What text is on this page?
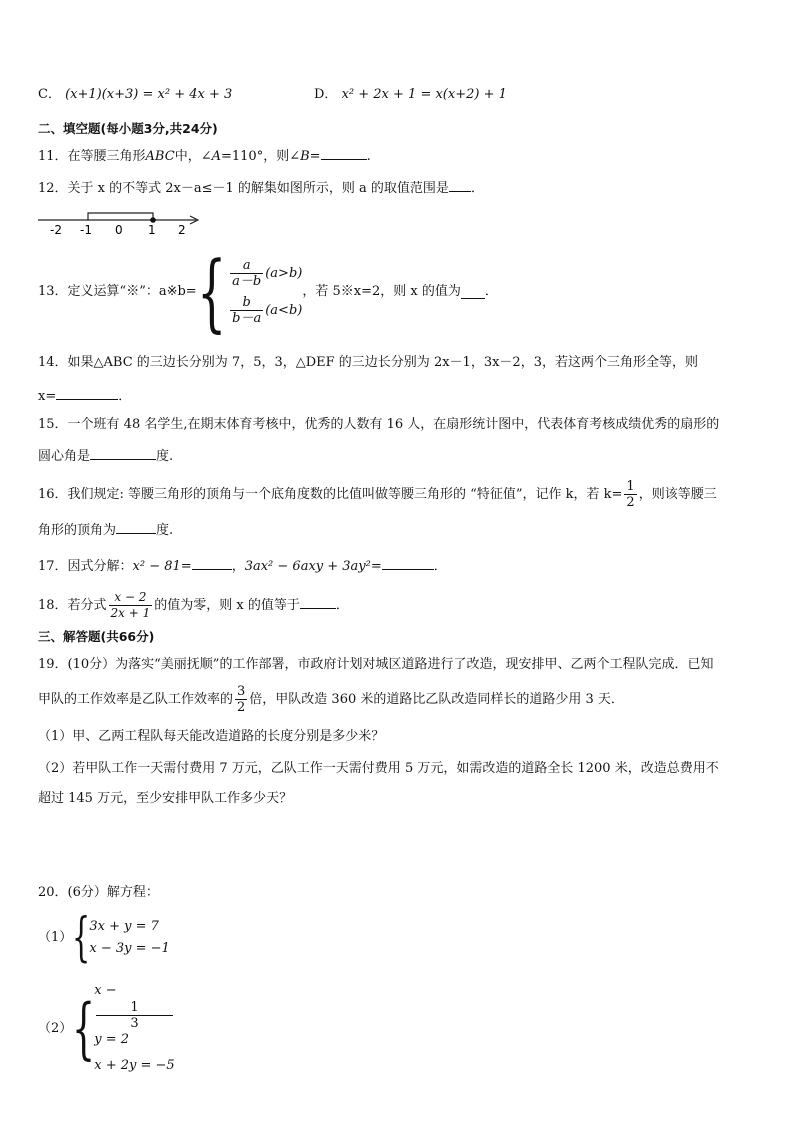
C． (x+1)(x+3) = x² + 4x + 3	D． x² + 2x + 1 = x(x+2) + 1
二、填空题(每小题3分,共24分)
11．在等腰三角形ABC中，∠A=110°，则∠B=	.
12．关于 x 的不等式 2x－a≤－1 的解集如图所示，则 a 的取值范围是 ．
-2 -1 0 1 2
13．定义运算“※”：a※b={ $\frac{a}{a-b} (a>b)$
$\frac{b}{b-a} (a<b)$
，若 5※x=2，则 x 的值为 ．
14．如果△ABC 的三边长分别为 7，5，3，△DEF 的三边长分别为 2x－1，3x－2，3，若这两个三角形全等，则
x=	．
15．一个班有 48 名学生,在期末体育考核中，优秀的人数有 16 人，在扇形统计图中，代表体育考核成绩优秀的扇形的
圆心角是	度.
16．我们规定: 等腰三角形的顶角与一个底角度数的比值叫做等腰三角形的 “特征值”，记作 k，若 $k= \frac{1}{2}$ ，则该等腰三
角形的顶角为	度.
17．因式分解：x² − 81=	，3ax² − 6axy + 3ay²=	．
18．若分式 $\frac{x - 2}{2x + 1}$ 的值为零，则 x 的值等于	．
三、解答题(共66分)
19．(10分）为落实“美丽抚顺”的工作部署，市政府计划对城区道路进行了改造，现安排甲、乙两个工程队完成．已知
甲队的工作效率是乙队工作效率的 $\frac{3}{2}$ 倍，甲队改造 360 米的道路比乙队改造同样长的道路少用 3 天．
（1）甲、乙两工程队每天能改造道路的长度分别是多少米？
（2）若甲队工作一天需付费用 7 万元，乙队工作一天需付费用 5 万元，如需改造的道路全长 1200 米，改造总费用不
超过 145 万元，至少安排甲队工作多少天？
20．(6分）解方程：
（1）{
3x + y = 7
x − 3y = −1
（2）{
x −
1
3
y = 2
x + 2y = −5
